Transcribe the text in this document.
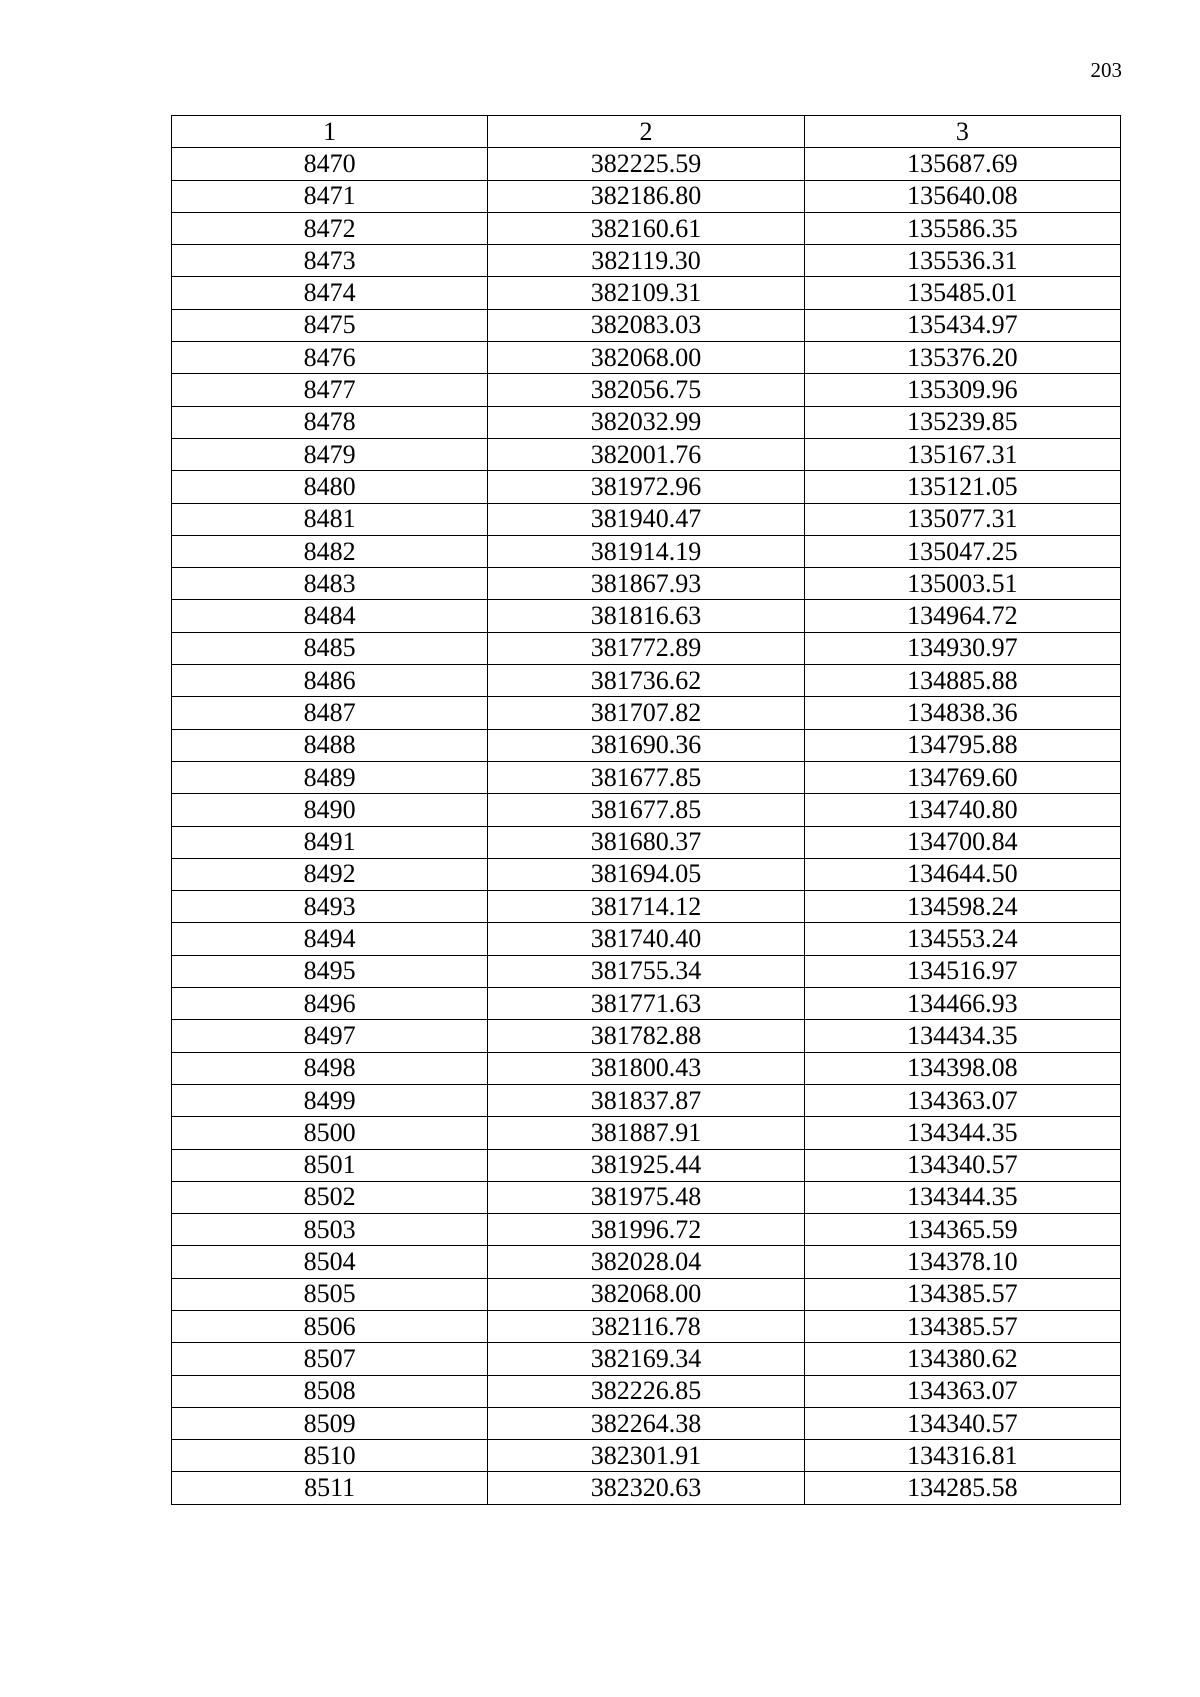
203
1	2	3
8470	382225.59	135687.69
8471	382186.80	135640.08
8472	382160.61	135586.35
8473	382119.30	135536.31
8474	382109.31	135485.01
8475	382083.03	135434.97
8476	382068.00	135376.20
8477	382056.75	135309.96
8478	382032.99	135239.85
8479	382001.76	135167.31
8480	381972.96	135121.05
8481	381940.47	135077.31
8482	381914.19	135047.25
8483	381867.93	135003.51
8484	381816.63	134964.72
8485	381772.89	134930.97
8486	381736.62	134885.88
8487	381707.82	134838.36
8488	381690.36	134795.88
8489	381677.85	134769.60
8490	381677.85	134740.80
8491	381680.37	134700.84
8492	381694.05	134644.50
8493	381714.12	134598.24
8494	381740.40	134553.24
8495	381755.34	134516.97
8496	381771.63	134466.93
8497	381782.88	134434.35
8498	381800.43	134398.08
8499	381837.87	134363.07
8500	381887.91	134344.35
8501	381925.44	134340.57
8502	381975.48	134344.35
8503	381996.72	134365.59
8504	382028.04	134378.10
8505	382068.00	134385.57
8506	382116.78	134385.57
8507	382169.34	134380.62
8508	382226.85	134363.07
8509	382264.38	134340.57
8510	382301.91	134316.81
8511	382320.63	134285.58
